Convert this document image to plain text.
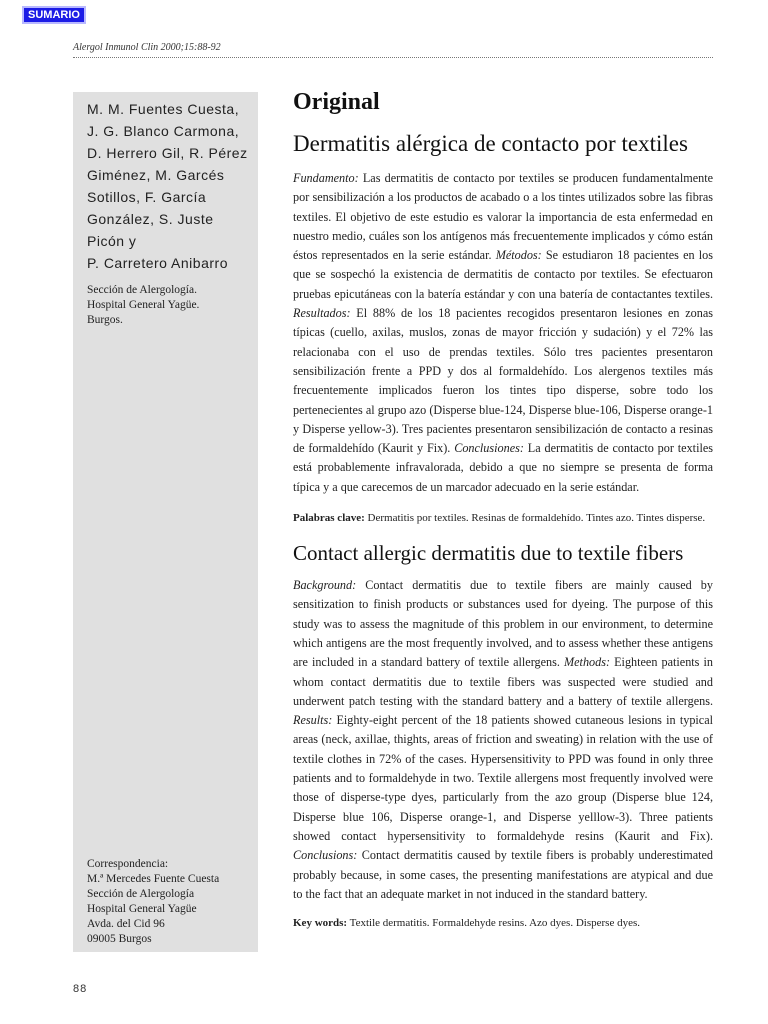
SUMARIO
Alergol Inmunol Clin 2000;15:88-92
M. M. Fuentes Cuesta,
J. G. Blanco Carmona,
D. Herrero Gil, R. Pérez
Giménez, M. Garcés
Sotillos, F. García
González, S. Juste
Picón y
P. Carretero Anibarro
Sección de Alergología.
Hospital General Yagüe.
Burgos.
Correspondencia:
M.ª Mercedes Fuente Cuesta
Sección de Alergología
Hospital General Yagüe
Avda. del Cid 96
09005 Burgos
Original
Dermatitis alérgica de contacto por textiles

Fundamento: Las dermatitis de contacto por textiles se producen fundamentalmente por sensibilización a los productos de acabado o a los tintes utilizados sobre las fibras textiles. El objetivo de este estudio es valorar la importancia de esta enfermedad en nuestro medio, cuáles son los antígenos más frecuentemente implicados y cómo están éstos representados en la serie estándar. Métodos: Se estudiaron 18 pacientes en los que se sospechó la existencia de dermatitis de contacto por textiles. Se efectuaron pruebas epicutáneas con la batería estándar y con una batería de contactantes textiles. Resultados: El 88% de los 18 pacientes recogidos presentaron lesiones en zonas típicas (cuello, axilas, muslos, zonas de mayor fricción y sudación) y el 72% las relacionaba con el uso de prendas textiles. Sólo tres pacientes presentaron sensibilización frente a PPD y dos al formaldehído. Los alergenos textiles más frecuentemente implicados fueron los tintes tipo disperse, sobre todo los pertenecientes al grupo azo (Disperse blue-124, Disperse blue-106, Disperse orange-1 y Disperse yellow-3). Tres pacientes presentaron sensibilización de contacto a resinas de formaldehído (Kaurit y Fix). Conclusiones: La dermatitis de contacto por textiles está probablemente infravalorada, debido a que no siempre se presenta de forma típica y a que carecemos de un marcador adecuado en la serie estándar.

Palabras clave: Dermatitis por textiles. Resinas de formaldehído. Tintes azo. Tintes disperse.

Contact allergic dermatitis due to textile fibers

Background: Contact dermatitis due to textile fibers are mainly caused by sensitization to finish products or substances used for dyeing. The purpose of this study was to assess the magnitude of this problem in our environment, to determine which antigens are the most frequently involved, and to assess whether these antigens are included in a standard battery of textile allergens. Methods: Eighteen patients in whom contact dermatitis due to textile fibers was suspected were studied and underwent patch testing with the standard battery and a battery of textile allergens. Results: Eighty-eight percent of the 18 patients showed cutaneous lesions in typical areas (neck, axillae, thights, areas of friction and sweating) in relation with the use of textile clothes in 72% of the cases. Hypersensitivity to PPD was found in only three patients and to formaldehyde in two. Textile allergens most frequently involved were those of disperse-type dyes, particularly from the azo group (Disperse blue 124, Disperse blue 106, Disperse orange-1, and Disperse yelllow-3). Three patients showed contact hypersensitivity to formaldehyde resins (Kaurit and Fix). Conclusions: Contact dermatitis caused by textile fibers is probably underestimated probably because, in some cases, the presenting manifestations are atypical and due to the fact that an adequate market in not induced in the standard battery.

Key words: Textile dermatitis. Formaldehyde resins. Azo dyes. Disperse dyes.

88
